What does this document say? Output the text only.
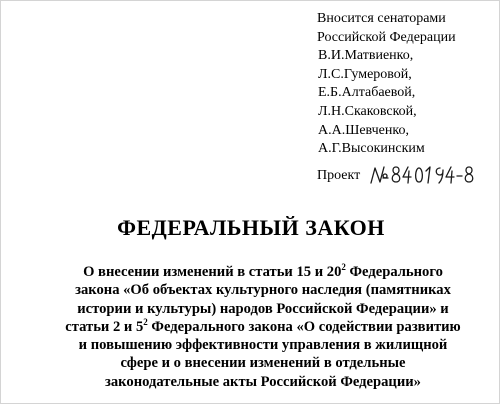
Вносится сенаторами
Российской Федерации
В.И.Матвиенко,
Л.С.Гумеровой,
Е.Б.Алтабаевой,
Л.Н.Скаковской,
А.А.Шевченко,
А.Г.Высокинским
Проект
ФЕДЕРАЛЬНЫЙ ЗАКОН
О внесении изменений в статьи 15 и $20^2$ Федерального
закона «Об объектах культурного наследия (памятниках
истории и культуры) народов Российской Федерации» и
статьи 2 и $5^2$ Федерального закона «О содействии развитию
и повышению эффективности управления в жилищной
сфере и о внесении изменений в отдельные
законодательные акты Российской Федерации»
